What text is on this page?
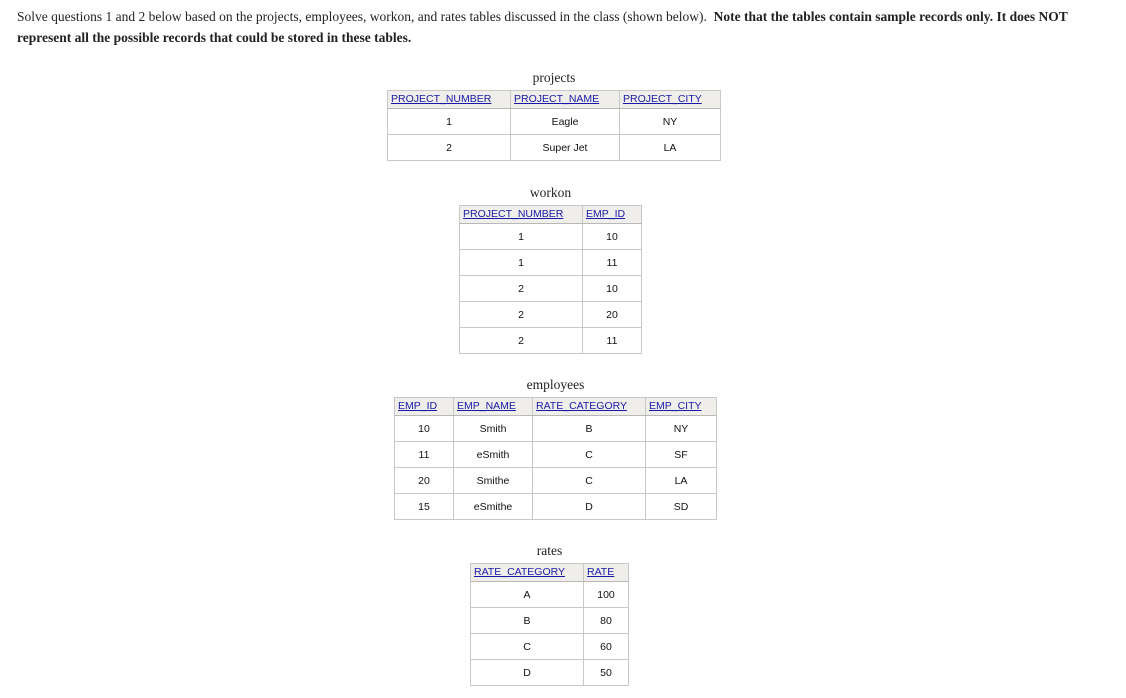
Solve questions 1 and 2 below based on the projects, employees, workon, and rates tables discussed in the class (shown below). Note that the tables contain sample records only. It does NOT represent all the possible records that could be stored in these tables.

projects
PROJECT_NUMBER	PROJECT_NAME	PROJECT_CITY
1	Eagle	NY
2	Super Jet	LA
workon
PROJECT_NUMBER	EMP_ID
1	10
1	11
2	10
2	20
2	11
employees
EMP_ID	EMP_NAME	RATE_CATEGORY	EMP_CITY
10	Smith	B	NY
11	eSmith	C	SF
20	Smithe	C	LA
15	eSmithe	D	SD
rates
RATE_CATEGORY	RATE
A	100
B	80
C	60
D	50
